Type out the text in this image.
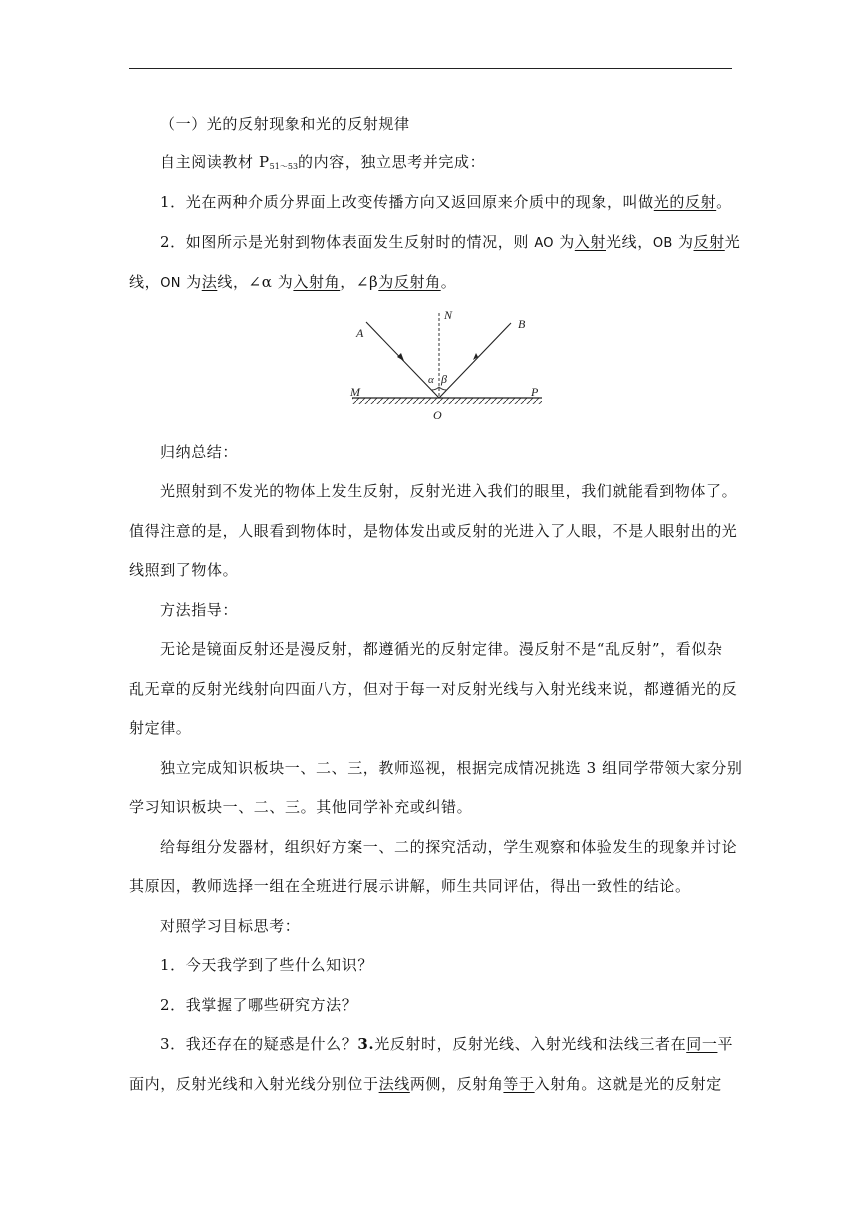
（一）光的反射现象和光的反射规律
自主阅读教材 $P_{51\sim 53}$的内容，独立思考并完成：
1．光在两种介质分界面上改变传播方向又返回原来介质中的现象，叫做光的反射。
2．如图所示是光射到物体表面发生反射时的情况，则 AO 为入射光线，OB 为反射光
线，ON 为法线，∠α 为入射角，∠β为反射角。
归纳总结：
光照射到不发光的物体上发生反射，反射光进入我们的眼里，我们就能看到物体了。
值得注意的是，人眼看到物体时，是物体发出或反射的光进入了人眼，不是人眼射出的光
线照到了物体。
方法指导：
无论是镜面反射还是漫反射，都遵循光的反射定律。漫反射不是“乱反射”，看似杂
乱无章的反射光线射向四面八方，但对于每一对反射光线与入射光线来说，都遵循光的反
射定律。
独立完成知识板块一、二、三，教师巡视，根据完成情况挑选 3 组同学带领大家分别
学习知识板块一、二、三。其他同学补充或纠错。
给每组分发器材，组织好方案一、二的探究活动，学生观察和体验发生的现象并讨论
其原因，教师选择一组在全班进行展示讲解，师生共同评估，得出一致性的结论。
对照学习目标思考：
1．今天我学到了些什么知识？
2．我掌握了哪些研究方法？
3．我还存在的疑惑是什么？3.光反射时，反射光线、入射光线和法线三者在同一平
面内，反射光线和入射光线分别位于法线两侧，反射角等于入射角。这就是光的反射定
N
A
B
M	P
O
α β
